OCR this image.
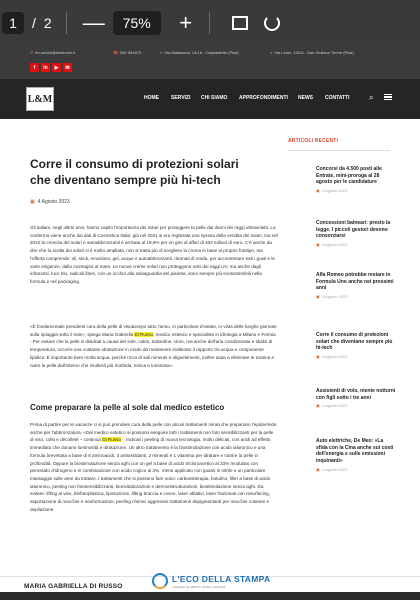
1	/ 2 —	75%	+
✉ lm.servizi@lmservizi.it	☎ 050 981673	● Via Malasoma, 14/16 - Ospedaletto (Pisa)	● Via Lenin, 132/A - San Giuliano Terme (Pisa)
f	in	▶	✉
L&M	HOME SERVIZI CHI SIAMO APPROFONDIMENTI NEWS CONTATTI ⌕
Corre il consumo di protezioni solari che diventano sempre più hi-tech
▣ 4 Agosto 2023

Gli italiani, negli ultimi anni, hanno capito l'importanza dei solari per proteggere la pelle dai danni dei raggi ultravioletti. La conferma viene anche dai dati di Cosmetica Italia: già nel 2021 si era registrata una ripresa della vendita dei solari, ma nel 2022 la crescita dei solari e autoabbronzanti è arrivata al 19,6% per un giro di affari di 402 milioni di euro. C'è anche da dire che la scelta dei solari si è molto ampliata, non si tratta più di scegliere la crema in base al proprio fototipo, ma l'offerta comprende: oli, stick, emulsioni, gel, acque e autoabbronzanti, ritornati di moda, per accontentare tutti i gusti e le varie esigenze, dalla montagna al mare. Le nuove creme solari non proteggono solo dai raggi UV, ma anche dagli infrarossi, luce blu, radicali liberi, con un occhio alla salvaguardia del pianeta, sono sempre più ecosostenibili nella formula e nel packaging.

«È fondamentale prendersi cura della pelle di viso&corpo tutto l'anno, in particolare d'estate, in vista delle lunghe giornate sulla spiaggia sotto il sole», spiega Maria Gabriella Di Russo, medico estetico e specialista in idrologia a Milano e Formia - Per evitare che la pelle si disidrati a causa del sole, caldo, salsedine, cloro, ma anche dell'aria condizionata e sbalzi di temperatura, occorre una costante idratazione in modo da mantenere inalterato il rapporto tra acqua e componente lipidica. È importante bere molta acqua, perché ricca di sali minerali e oligoelementi, inoltre aiuta a eliminare le tossine e nutre la pelle dall'interno che risulterà più morbida, tonica e luminosa».

Come preparare la pelle al sole dal medico estetico

Prima di partire per le vacanze ci si può prendere cura della pelle con alcuni trattamenti mirati che preparano l'epidermide anche per l'abbronzatura. «Dal medico estetico si possono eseguire tutti i trattamenti non foto sensibilizzanti per la pelle di viso, collo e décolleté – continua Di Russo -. Indicati i peeling di nuova tecnologia, molto delicati, con acidi ad effetto immediato che donano luminosità e idratazione. Un altro trattamento è la biostimolazione con acido ialuronico e una formula brevettata a base di 8 aminoacidi, 3 antiossidanti, 2 minerali e 1 vitamina per idratare e nutrire la pelle in profondità. Oppure la biostimolazione senza aghi con un gel a base di acido tricloroacetico al 33% modulato con perossido d'idrogeno e in combinazione con acido cogico al 3%. Viene applicato con guanti in nitrile e un particolare massaggio sulle aree da trattare. I trattamenti che si possono fare sono: carbossiterapia, botulino, filler a base di acido ialuronico, peeling non fotosensibilizzanti, biorivitalizzazioni e dermoristrutturazioni, biostimolazione senza aghi. Da evitare: lifting al viso, blefaroplastica, liposuzione, lifting braccia e cosce, laser ablativi, laser frazionati con resurfacing, asportazione di macchie e neoformazioni, peeling chimici aggressivi trattamenti depigmentanti per macchie cutanee e depilazione

ARTICOLI RECENTI
Concorsi da 4.500 posti alle Entrate, mini-proroga al 28 agosto per le candidature
▣ 4 Agosto 2023
Concessioni balneari: presto la legge. I piccoli gestori devono consorziarsi
▣ 4 Agosto 2023
Alfa Romeo potrebbe restare in Formula Uno anche nei prossimi anni
▣ 4 Agosto 2023
Corre il consumo di protezioni solari che diventano sempre più hi-tech
▣ 4 Agosto 2023
Assistenti di volo, niente notturni con figli sotto i tre anni
▣ 4 Agosto 2023
Auto elettriche, De Meo: «La sfida con la Cina anche sui costi dell'energia e sulle emissioni inquinanti»
▣ 4 Agosto 2023
MARIA GABRIELLA DI RUSSO
L'ECO DELLA STAMPA
LEADER IN MEDIA INTELLIGENCE
